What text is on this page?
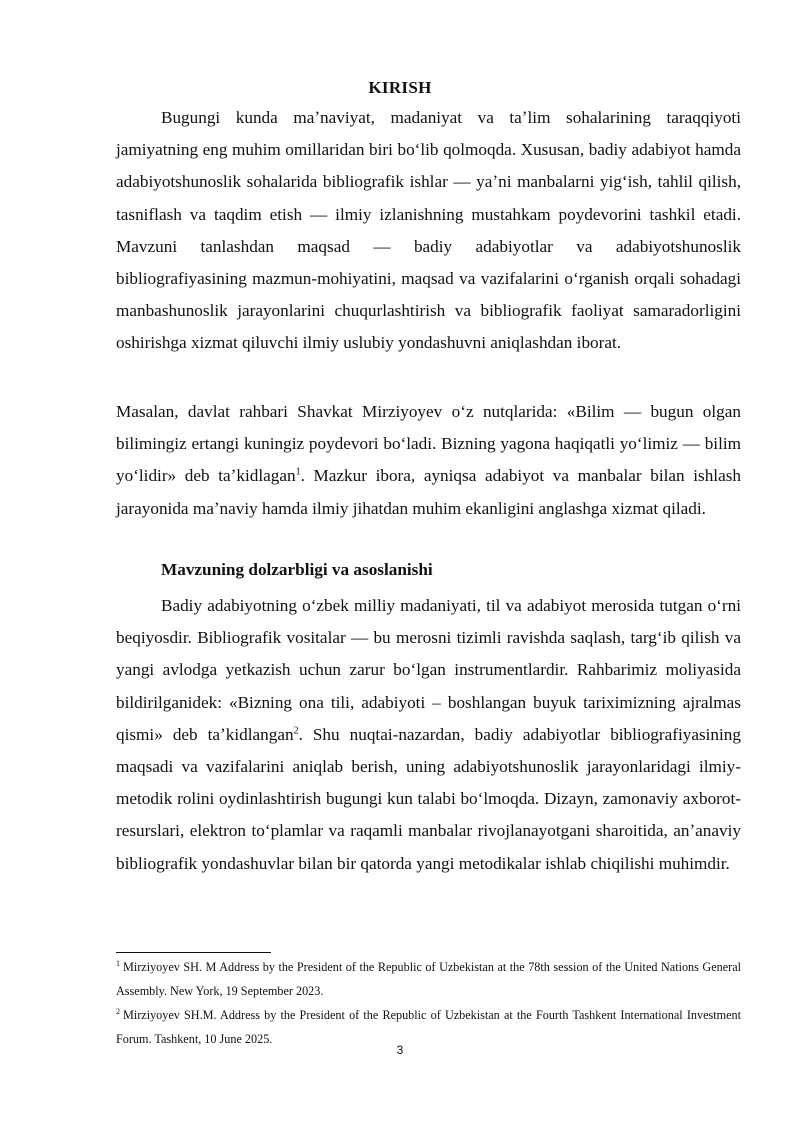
KIRISH

Bugungi kunda maʼnaviyat, madaniyat va taʼlim sohalarining taraqqiyoti jamiyatning eng muhim omillaridan biri boʻlib qolmoqda. Xususan, badiy adabiyot hamda adabiyotshunoslik sohalarida bibliografik ishlar — yaʼni manbalarni yigʻish, tahlil qilish, tasniflash va taqdim etish — ilmiy izlanishning mustahkam poydevorini tashkil etadi. Mavzuni tanlashdan maqsad — badiy adabiyotlar va adabiyotshunoslik bibliografiyasining mazmun-mohiyatini, maqsad va vazifalarini oʻrganish orqali sohadagi manbashunoslik jarayonlarini chuqurlashtirish va bibliografik faoliyat samaradorligini oshirishga xizmat qiluvchi ilmiy uslubiy yondashuvni aniqlashdan iborat.

Masalan, davlat rahbari Shavkat Mirziyoyev oʻz nutqlarida: «Bilim — bugun olgan bilimingiz ertangi kuningiz poydevori boʻladi. Bizning yagona haqiqatli yoʻlimiz — bilim yoʻlidir» deb taʼkidlagan$^1$. Mazkur ibora, ayniqsa adabiyot va manbalar bilan ishlash jarayonida maʼnaviy hamda ilmiy jihatdan muhim ekanligini anglashga xizmat qiladi.

Mavzuning dolzarbligi va asoslanishi

Badiy adabiyotning oʻzbek milliy madaniyati, til va adabiyot merosida tutgan oʻrni beqiyosdir. Bibliografik vositalar — bu merosni tizimli ravishda saqlash, targʻib qilish va yangi avlodga yetkazish uchun zarur boʻlgan instrumentlardir. Rahbarimiz moliyasida bildirilganidek: «Bizning ona tili, adabiyoti – boshlangan buyuk tariximizning ajralmas qismi» deb taʼkidlangan$^2$. Shu nuqtai-nazardan, badiy adabiyotlar bibliografiyasining maqsadi va vazifalarini aniqlab berish, uning adabiyotshunoslik jarayonlaridagi ilmiy-metodik rolini oydinlashtirish bugungi kun talabi boʻlmoqda. Dizayn, zamonaviy axborot-resurslari, elektron toʻplamlar va raqamli manbalar rivojlanayotgani sharoitida, anʼanaviy bibliografik yondashuvlar bilan bir qatorda yangi metodikalar ishlab chiqilishi muhimdir.

$^1$ Mirziyoyev SH. M Address by the President of the Republic of Uzbekistan at the 78th session of the United Nations General Assembly. New York, 19 September 2023.

$^2$ Mirziyoyev SH.M. Address by the President of the Republic of Uzbekistan at the Fourth Tashkent International Investment Forum. Tashkent, 10 June 2025.

3
